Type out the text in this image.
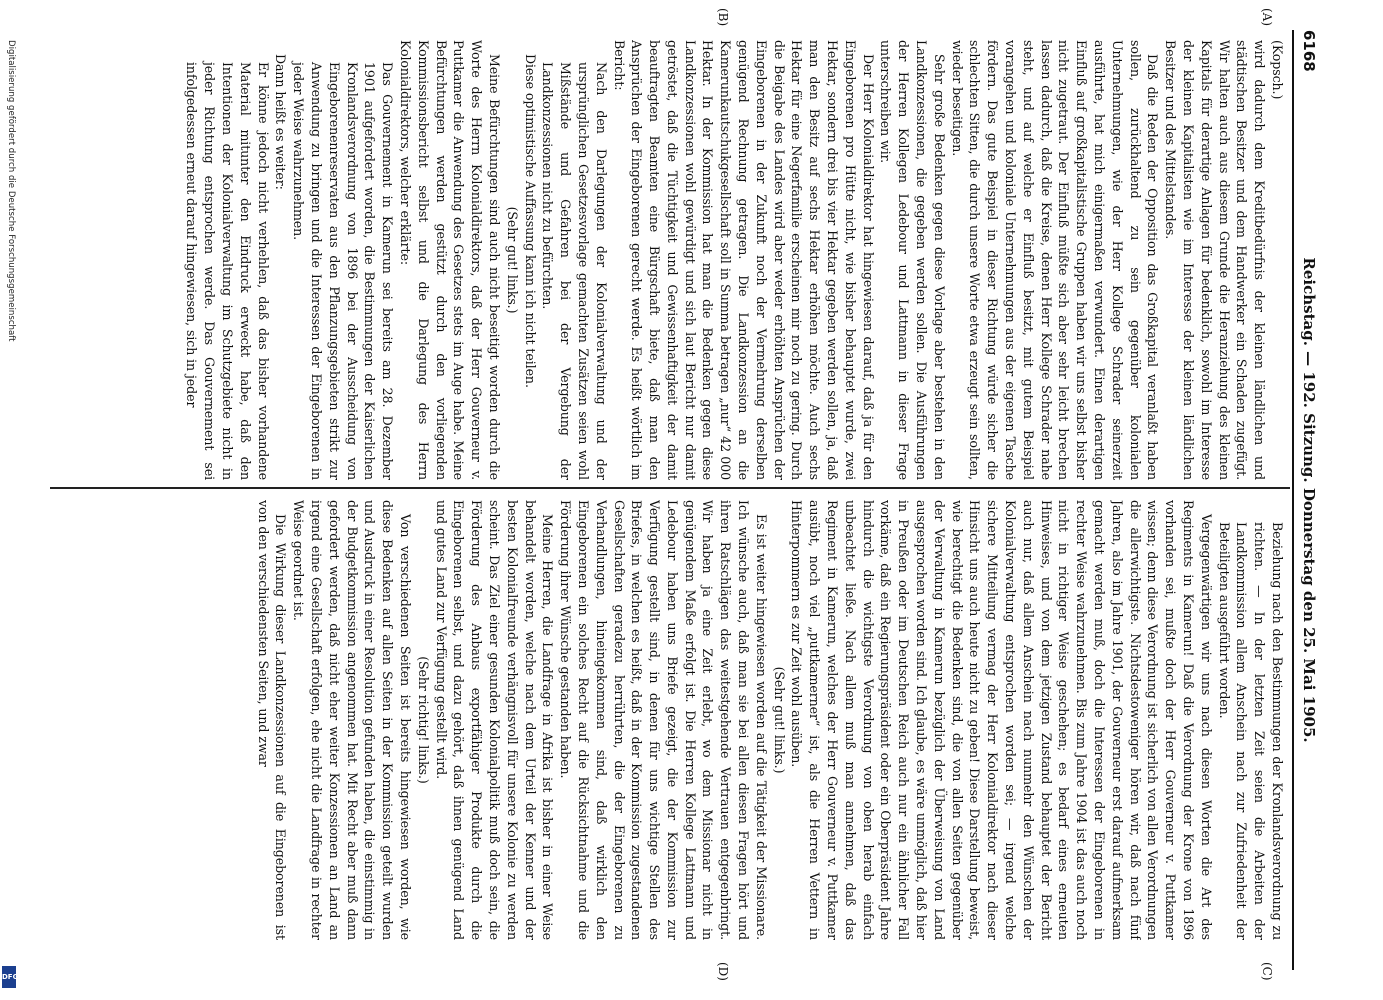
6168
Reichstag. — 192. Sitzung. Donnerstag den 25. Mai 1905.
(A)
(B)
(C)
(D)

(Kopsch.)

wird dadurch dem Kreditbedürfnis der kleinen ländlichen und städtischen Besitzer und dem Handwerker ein Schaden zugefügt. Wir halten auch aus diesem Grunde die Heranziehung des kleinen Kapitals für derartige Anlagen für bedenklich, sowohl im Interesse der kleinen Kapitalisten wie im Interesse der kleinen ländlichen Besitzer und des Mittelstandes.

Daß die Reden der Opposition das Großkapital veranlaßt haben sollen, zurückhaltend zu sein gegenüber kolonialen Unternehmungen, wie der Herr Kollege Schrader seinerzeit ausführte, hat mich einigermaßen verwundert. Einen derartigen Einfluß auf großkapitalistische Gruppen haben wir uns selbst bisher nicht zugetraut. Der Einfluß müßte sich aber sehr leicht brechen lassen dadurch, daß die Kreise, denen Herr Kollege Schrader nahe steht, und auf welche er Einfluß besitzt, mit gutem Beispiel vorangehen und koloniale Unternehmungen aus der eigenen Tasche fördern. Das gute Beispiel in dieser Richtung würde sicher die schlechten Sitten, die durch unsere Worte etwa erzeugt sein sollten, wieder beseitigen.

Sehr große Bedenken gegen diese Vorlage aber bestehen in den Landkonzessionen, die gegeben werden sollen. Die Ausführungen der Herren Kollegen Ledebour und Lattmann in dieser Frage unterschreiben wir.

Der Herr Kolonialdirektor hat hingewiesen darauf, daß ja für den Eingeborenen pro Hütte nicht, wie bisher behauptet wurde, zwei Hektar, sondern drei bis vier Hektar gegeben werden sollen, ja, daß man den Besitz auf sechs Hektar erhöhen möchte. Auch sechs Hektar für eine Negerfamilie erscheinen mir noch zu gering. Durch die Beigabe des Landes wird aber weder erhöhten Ansprüchen der Eingeborenen in der Zukunft noch der Vermehrung derselben genügend Rechnung getragen. Die Landkonzession an die Kamerunkautschukgesellschaft soll in Summa betragen „nur“ 42 000 Hektar. In der Kommission hat man die Bedenken gegen diese Landkonzessionen wohl gewürdigt und sich laut Bericht nur damit getröstet, daß die Tüchtigkeit und Gewissenhaftigkeit der damit beauftragten Beamten eine Bürgschaft biete, daß man den Ansprüchen der Eingeborenen gerecht werde. Es heißt wörtlich im Bericht:

Nach den Darlegungen der Kolonialverwaltung und der ursprünglichen Gesetzesvorlage gemachten Zusätzen seien wohl Mißstände und Gefahren bei der Vergebung der Landkonzessionen nicht zu befürchten.

Diese optimistische Auffassung kann ich nicht teilen.

(Sehr gut! links.)

Meine Befürchtungen sind auch nicht beseitigt worden durch die Worte des Herrn Kolonialdirektors, daß der Herr Gouverneur v. Puttkamer die Anwendung des Gesetzes stets im Auge habe. Meine Befürchtungen werden gestützt durch den vorliegenden Kommissionsbericht selbst und die Darlegung des Herrn Kolonialdirektors, welcher erklärte:

Das Gouvernement in Kamerun sei bereits am 28. Dezember 1901 aufgefordert worden, die Bestimmungen der Kaiserlichen Kronlandsverordnung von 1896 bei der Ausscheidung von Eingeborenenreservaten aus den Pflanzungsgebieten strikt zur Anwendung zu bringen und die Interessen der Eingeborenen in jeder Weise wahrzunehmen.

Dann heißt es weiter:

Er könne jedoch nicht verhehlen, daß das bisher vorhandene Material mitunter den Eindruck erweckt habe, daß den Intentionen der Kolonialverwaltung im Schutzgebiete nicht in jeder Richtung entsprochen werde. Das Gouvernement sei infolgedessen erneut darauf hingewiesen, sich in jeder

Beziehung nach den Bestimmungen der Kronlandsverordnung zu richten. — In der letzten Zeit seien die Arbeiten der Landkommission allem Anschein nach zur Zufriedenheit der Beteiligten ausgeführt worden.

Vergegenwärtigen wir uns nach diesen Worten die Art des Regiments in Kamerun! Daß die Verordnung der Krone von 1896 vorhanden sei, mußte doch der Herr Gouverneur v. Puttkamer wissen; denn diese Verordnung ist sicherlich von allen Verordnungen die allerwichtigste. Nichtsdestoweniger hören wir, daß nach fünf Jahren, also im Jahre 1901, der Gouverneur erst darauf aufmerksam gemacht werden muß, doch die Interessen der Eingeborenen in rechter Weise wahrzunehmen. Bis zum Jahre 1904 ist das auch noch nicht in richtiger Weise geschehen; es bedarf eines erneuten Hinweises, und von dem jetzigen Zustand behauptet der Bericht auch nur, daß allem Anschein nach nunmehr den Wünschen der Kolonialverwaltung entsprochen worden sei; — irgend welche sichere Mitteilung vermag der Herr Kolonialdirektor nach dieser Hinsicht uns auch heute nicht zu geben! Diese Darstellung beweist, wie berechtigt die Bedenken sind, die von allen Seiten gegenüber der Verwaltung in Kamerun bezüglich der Überweisung von Land ausgesprochen worden sind. Ich glaube, es wäre unmöglich, daß hier in Preußen oder im Deutschen Reich auch nur ein ähnlicher Fall vorkäme, daß ein Regierungspräsident oder ein Oberpräsident Jahre hindurch die wichtigste Verordnung von oben herab einfach unbeachtet ließe. Nach allem muß man annehmen, daß das Regiment in Kamerun, welches der Herr Gouverneur v. Puttkamer ausübt, noch viel „puttkamerner“ ist, als die Herren Vettern in Hinterpommern es zur Zeit wohl ausüben.

(Sehr gut! links.)

Es ist weiter hingewiesen worden auf die Tätigkeit der Missionare. Ich wünsche auch, daß man sie bei allen diesen Fragen hört und ihren Ratschlägen das weitestgehende Vertrauen entgegenbringt. Wir haben ja eine Zeit erlebt, wo dem Missionar nicht in genügendem Maße erfolgt ist. Die Herren Kollege Lattmann und Ledebour haben uns Briefe gezeigt, die der Kommission zur Verfügung gestellt sind, in denen für uns wichtige Stellen des Briefes, in welchen es heißt, daß in der Kommission zugestandenen Gesellschaften geradezu herrührten, die der Eingeborenen zu Verhandlungen, hineingekommen sind, daß wirklich den Eingeborenen ein solches Recht auf die Rücksichtnahme und die Förderung ihrer Wünsche gestanden haben.

Meine Herren, die Landfrage in Afrika ist bisher in einer Weise behandelt worden, welche nach dem Urteil der Kenner und der besten Kolonialfreunde verhängnisvoll für unsere Kolonie zu werden scheint. Das Ziel einer gesunden Kolonialpolitik muß doch sein, die Förderung des Anbaus exportfähiger Produkte durch die Eingeborenen selbst, und dazu gehört, daß ihnen genügend Land und gutes Land zur Verfügung gestellt wird.

(Sehr richtig! links.)

Von verschiedenen Seiten ist bereits hingewiesen worden, wie diese Bedenken auf allen Seiten in der Kommission geteilt wurden und Ausdruck in einer Resolution gefunden haben, die einstimmig in der Budgetkommission angenommen hat. Mit Recht aber muß dann gefordert werden, daß nicht eher weiter Konzessionen an Land an irgend eine Gesellschaft erfolgen, ehe nicht die Landfrage in rechter Weise geordnet ist.

Die Wirkung dieser Landkonzessionen auf die Eingeborenen ist von den verschiedensten Seiten, und zwar

Digitalisierung gefördert durch die Deutsche Forschungsgemeinschaft
DFG
